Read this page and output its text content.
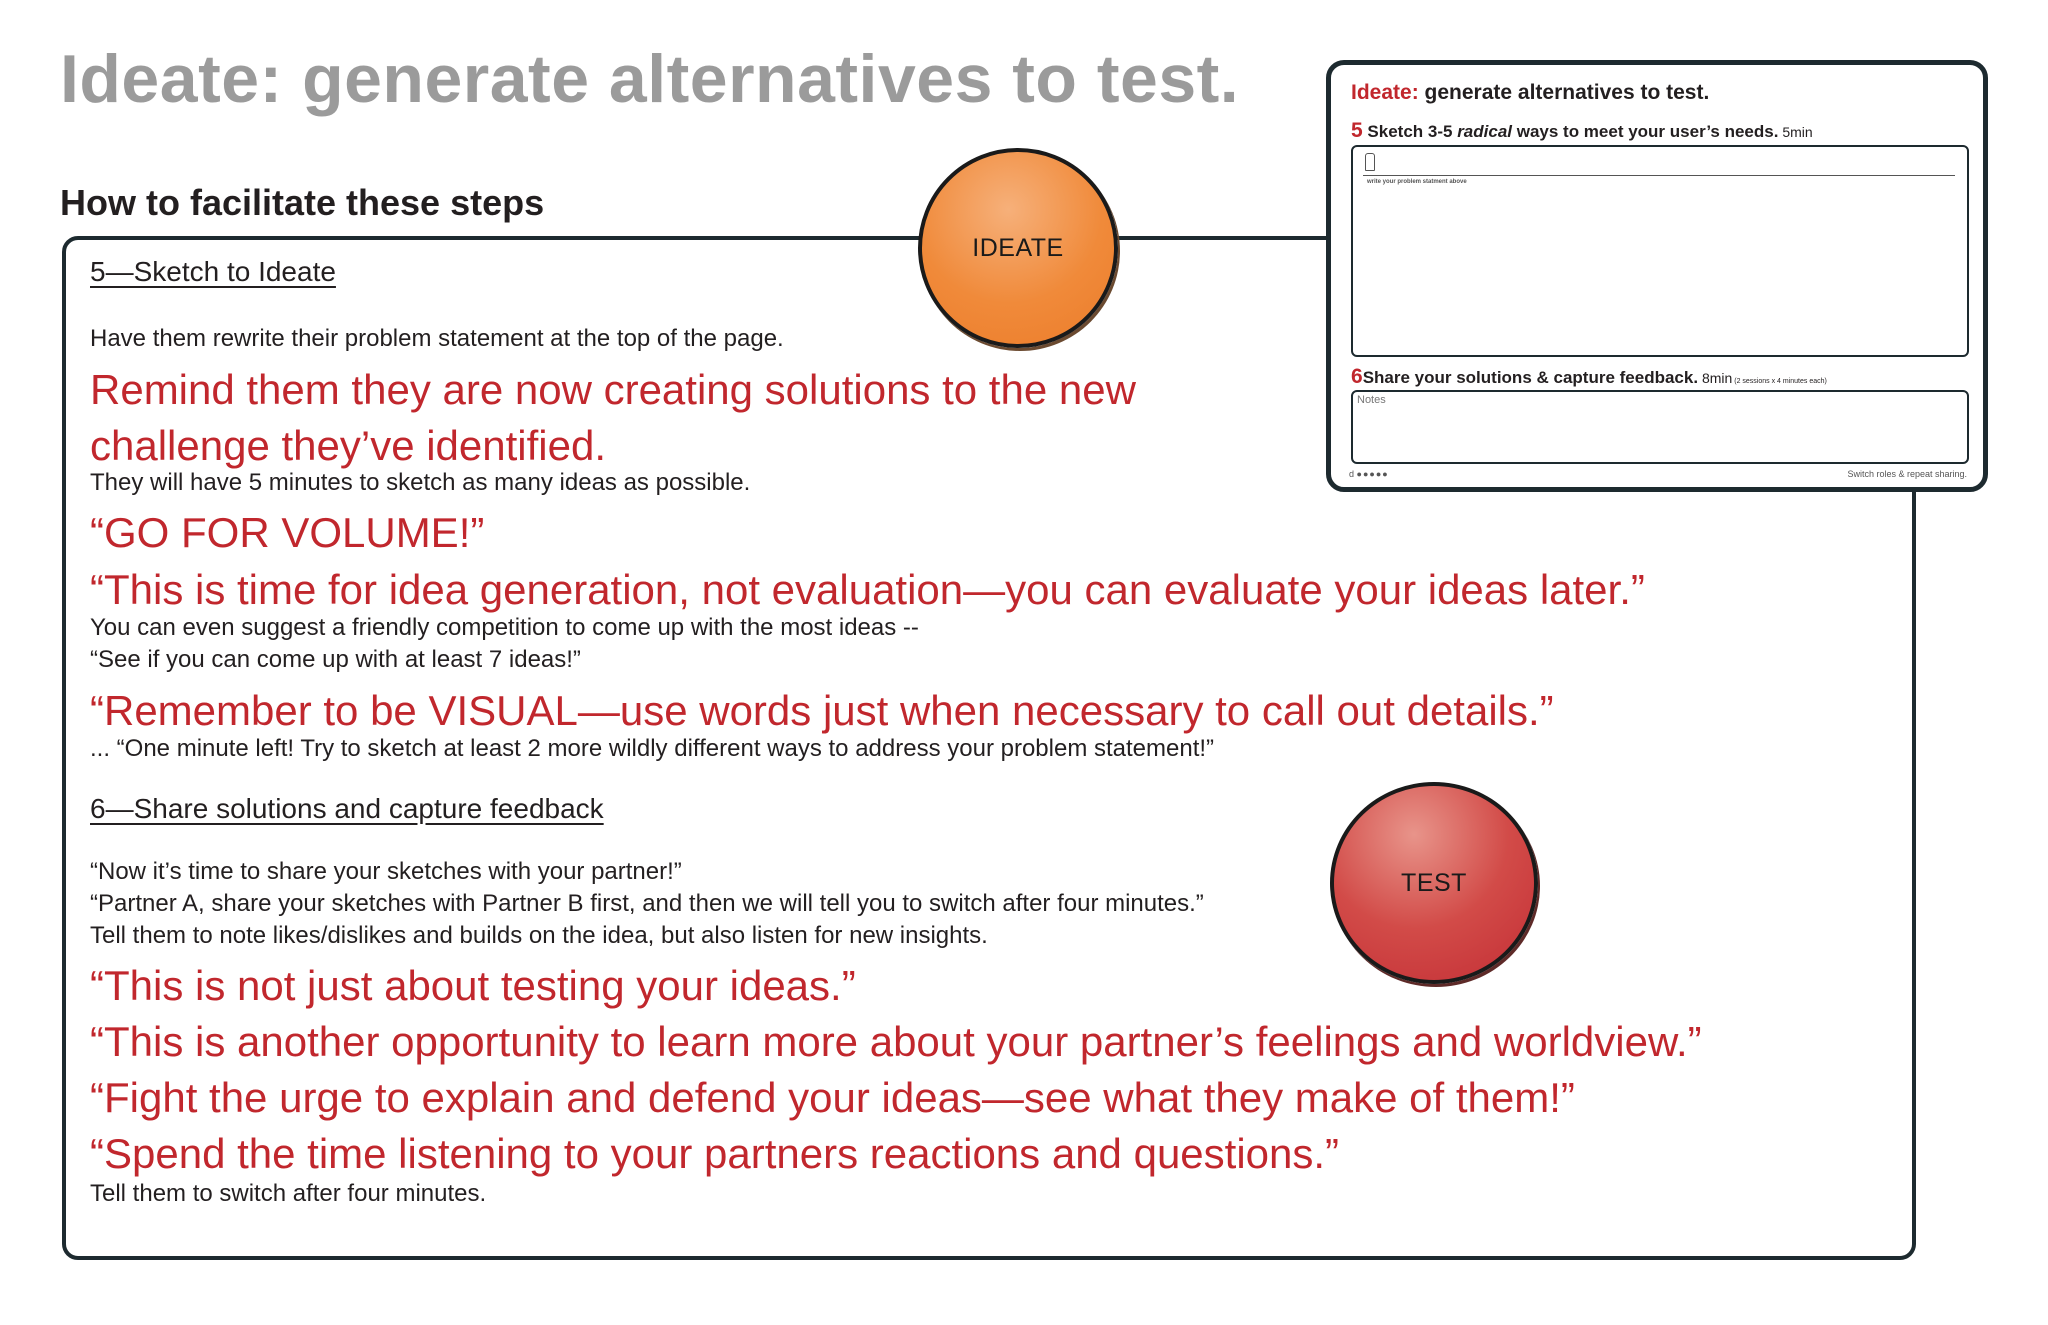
Ideate: generate alternatives to test.
How to facilitate these steps

5—Sketch to Ideate

Have them rewrite their problem statement at the top of the page.

Remind them they are now creating solutions to the new

challenge they’ve identified.

They will have 5 minutes to sketch as many ideas as possible.

“GO FOR VOLUME!”

“This is time for idea generation, not evaluation—you can evaluate your ideas later.”

You can even suggest a friendly competition to come up with the most ideas --

“See if you can come up with at least 7 ideas!”

“Remember to be VISUAL—use words just when necessary to call out details.”

... “One minute left! Try to sketch at least 2 more wildly different ways to address your problem statement!”

6—Share solutions and capture feedback

“Now it’s time to share your sketches with your partner!”

“Partner A, share your sketches with Partner B first, and then we will tell you to switch after four minutes.”

Tell them to note likes/dislikes and builds on the idea, but also listen for new insights.

“This is not just about testing your ideas.”

“This is another opportunity to learn more about your partner’s feelings and worldview.”

“Fight the urge to explain and defend your ideas—see what they make of them!”

“Spend the time listening to your partners reactions and questions.”

Tell them to switch after four minutes.

IDEATE
TEST

Ideate: generate alternatives to test.

5 Sketch 3-5 radical ways to meet your user’s needs. 5min

write your problem statment above

6Share your solutions & capture feedback. 8min (2 sessions x 4 minutes each)

Notes

d ●●●●●	Switch roles & repeat sharing.
